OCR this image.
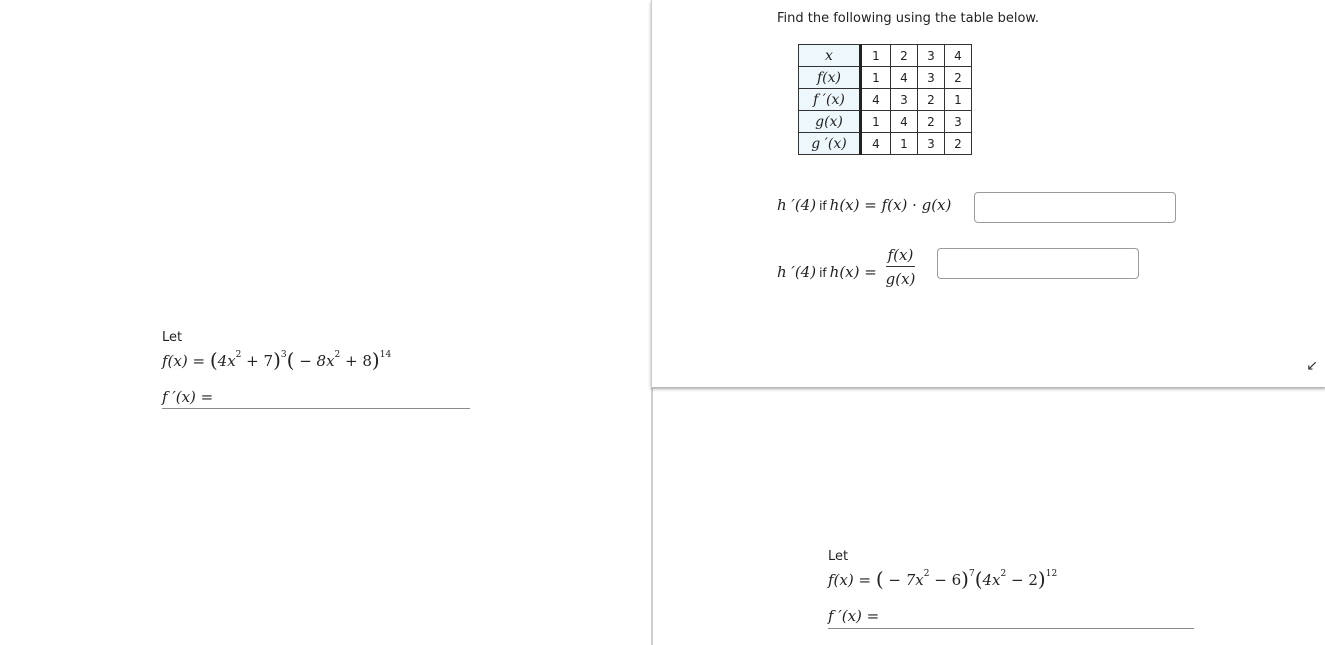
Let
$f(x) = (4x^2 + 7)^3( - 8x^2 + 8)^{14}$
f ′(x) =
Find the following using the table below.
x	1	2	3	4
f(x)	1	4	3	2
f ′(x)	4	3	2	1
g(x)	1	4	2	3
g ′(x)	4	1	3	2
h ′(4) if h(x) = f(x) · g(x)
h ′(4) if $h(x) = \frac{f(x)}{g(x)}$
↙
Let
f(x) = ( − $7x^2 - 6)^7(4x^2 - 2)^{12}$
f ′(x) =
